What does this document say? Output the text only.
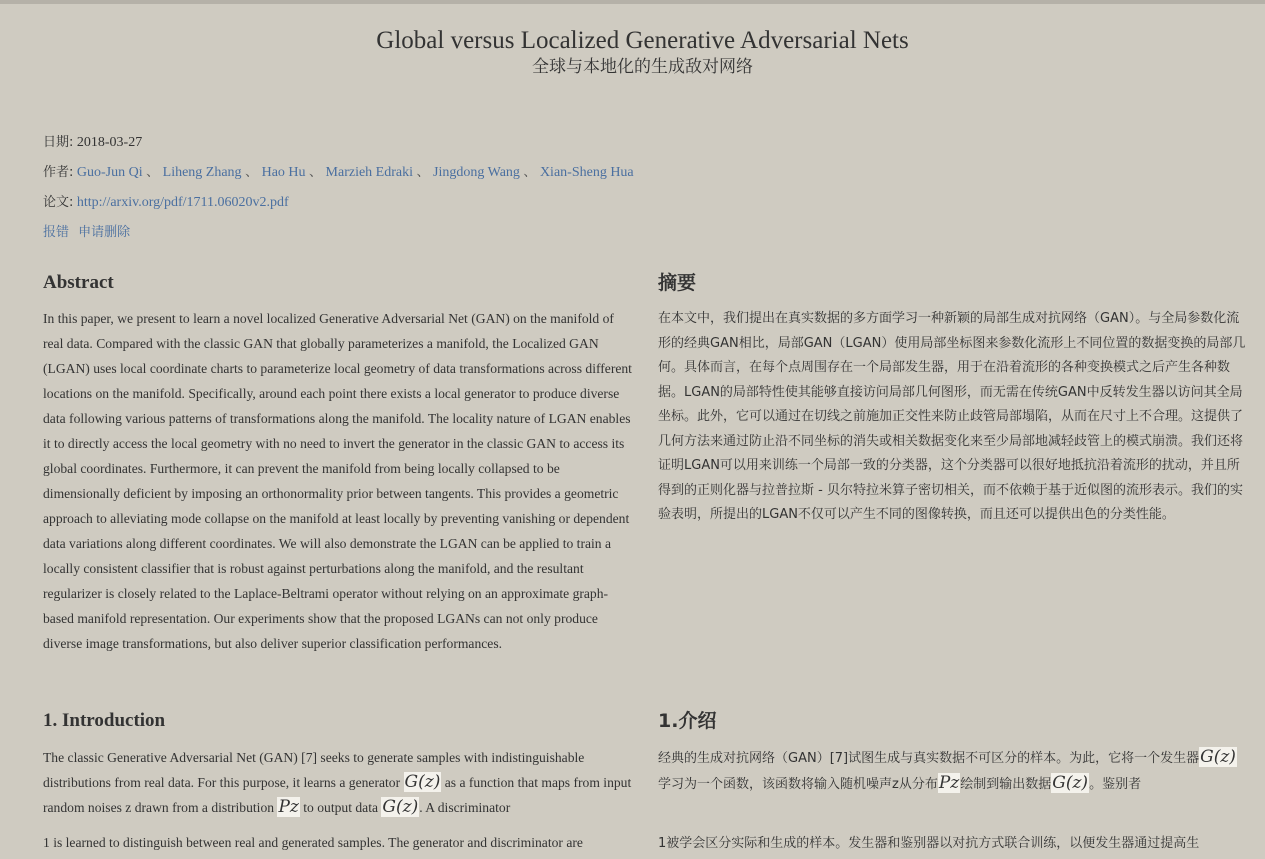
Global versus Localized Generative Adversarial Nets
全球与本地化的生成敌对网络
日期: 2018-03-27
作者: Guo-Jun Qi 、 Liheng Zhang 、 Hao Hu 、 Marzieh Edraki 、 Jingdong Wang 、 Xian-Sheng Hua
论文: http://arxiv.org/pdf/1711.06020v2.pdf
报错 申请删除
Abstract

In this paper, we present to learn a novel localized Generative Adversarial Net (GAN) on the manifold of real data. Compared with the classic GAN that globally parameterizes a manifold, the Localized GAN (LGAN) uses local coordinate charts to parameterize local geometry of data transformations across different locations on the manifold. Specifically, around each point there exists a local generator to produce diverse data following various patterns of transformations along the manifold. The locality nature of LGAN enables it to directly access the local geometry with no need to invert the generator in the classic GAN to access its global coordinates. Furthermore, it can prevent the manifold from being locally collapsed to be dimensionally deficient by imposing an orthonormality prior between tangents. This provides a geometric approach to alleviating mode collapse on the manifold at least locally by preventing vanishing or dependent data variations along different coordinates. We will also demonstrate the LGAN can be applied to train a locally consistent classifier that is robust against perturbations along the manifold, and the resultant regularizer is closely related to the Laplace-Beltrami operator without relying on an approximate graph-based manifold representation. Our experiments show that the proposed LGANs can not only produce diverse image transformations, but also deliver superior classification performances.

摘要

在本文中，我们提出在真实数据的多方面学习一种新颖的局部生成对抗网络（GAN）。与全局参数化流形的经典GAN相比，局部GAN（LGAN）使用局部坐标图来参数化流形上不同位置的数据变换的局部几何。具体而言，在每个点周围存在一个局部发生器，用于在沿着流形的各种变换模式之后产生各种数据。LGAN的局部特性使其能够直接访问局部几何图形，而无需在传统GAN中反转发生器以访问其全局坐标。此外，它可以通过在切线之前施加正交性来防止歧管局部塌陷，从而在尺寸上不合理。这提供了几何方法来通过防止沿不同坐标的消失或相关数据变化来至少局部地减轻歧管上的模式崩溃。我们还将证明LGAN可以用来训练一个局部一致的分类器，这个分类器可以很好地抵抗沿着流形的扰动，并且所得到的正则化器与拉普拉斯 - 贝尔特拉米算子密切相关，而不依赖于基于近似图的流形表示。我们的实验表明，所提出的LGAN不仅可以产生不同的图像转换，而且还可以提供出色的分类性能。

1. Introduction

The classic Generative Adversarial Net (GAN) [7] seeks to generate samples with indistinguishable distributions from real data. For this purpose, it learns a generator G(z) as a function that maps from input random noises z drawn from a distribution Pz to output data G(z). A discriminator

1 is learned to distinguish between real and generated samples. The generator and discriminator are

1.介绍

经典的生成对抗网络（GAN）[7]试图生成与真实数据不可区分的样本。为此，它将一个发生器G(z)学习为一个函数，该函数将输入随机噪声z从分布Pz绘制到输出数据G(z)。鉴别者

1被学会区分实际和生成的样本。发生器和鉴别器以对抗方式联合训练，以便发生器通过提高生
